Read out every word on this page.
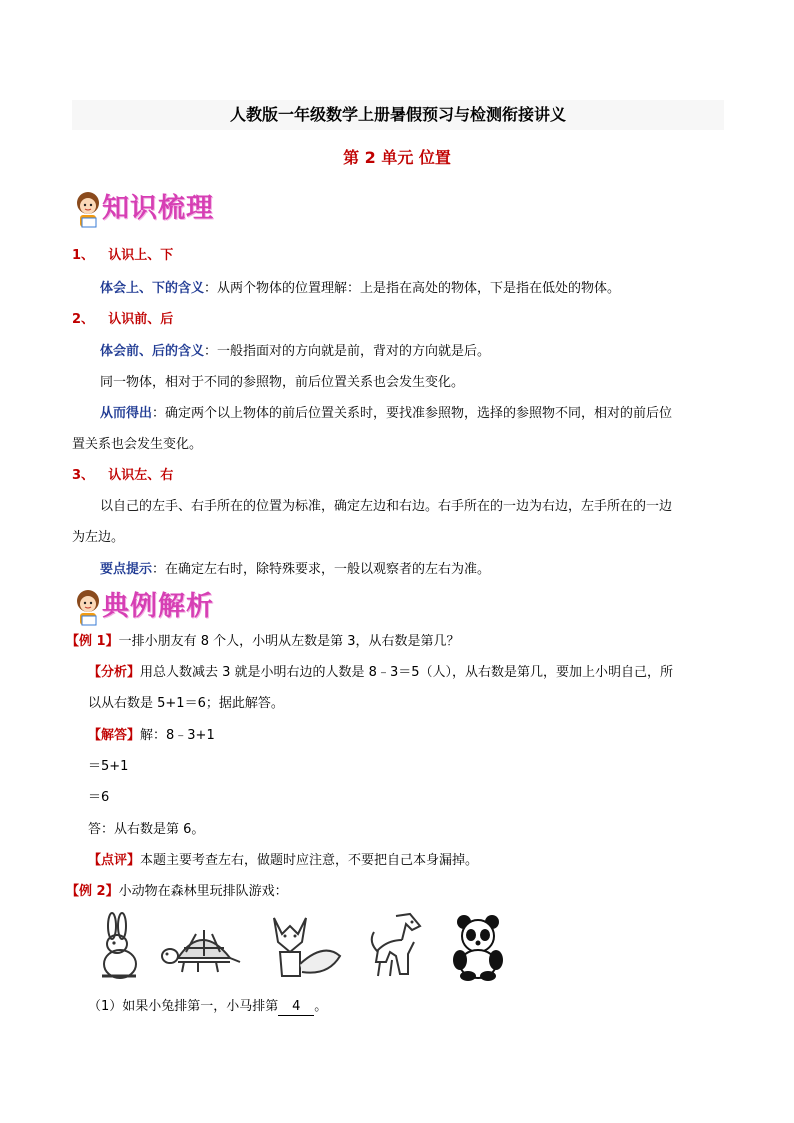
人教版一年级数学上册暑假预习与检测衔接讲义
第 2 单元 位置
知识梳理
1、 认识上、下
体会上、下的含义：从两个物体的位置理解：上是指在高处的物体，下是指在低处的物体。
2、 认识前、后
体会前、后的含义：一般指面对的方向就是前，背对的方向就是后。
同一物体，相对于不同的参照物，前后位置关系也会发生变化。
从而得出：确定两个以上物体的前后位置关系时，要找准参照物，选择的参照物不同，相对的前后位
置关系也会发生变化。
3、 认识左、右
以自己的左手、右手所在的位置为标准，确定左边和右边。右手所在的一边为右边，左手所在的一边
为左边。
要点提示：在确定左右时，除特殊要求，一般以观察者的左右为准。
典例解析
【例 1】一排小朋友有 8 个人，小明从左数是第 3，从右数是第几？
【分析】用总人数减去 3 就是小明右边的人数是 8﹣3＝5（人），从右数是第几，要加上小明自己，所
以从右数是 5+1＝6；据此解答。
【解答】解：8﹣3+1
＝5+1
＝6
答：从右数是第 6。
【点评】本题主要考查左右，做题时应注意，不要把自己本身漏掉。
【例 2】小动物在森林里玩排队游戏：
（1）如果小兔排第一，小马排第 4 。
